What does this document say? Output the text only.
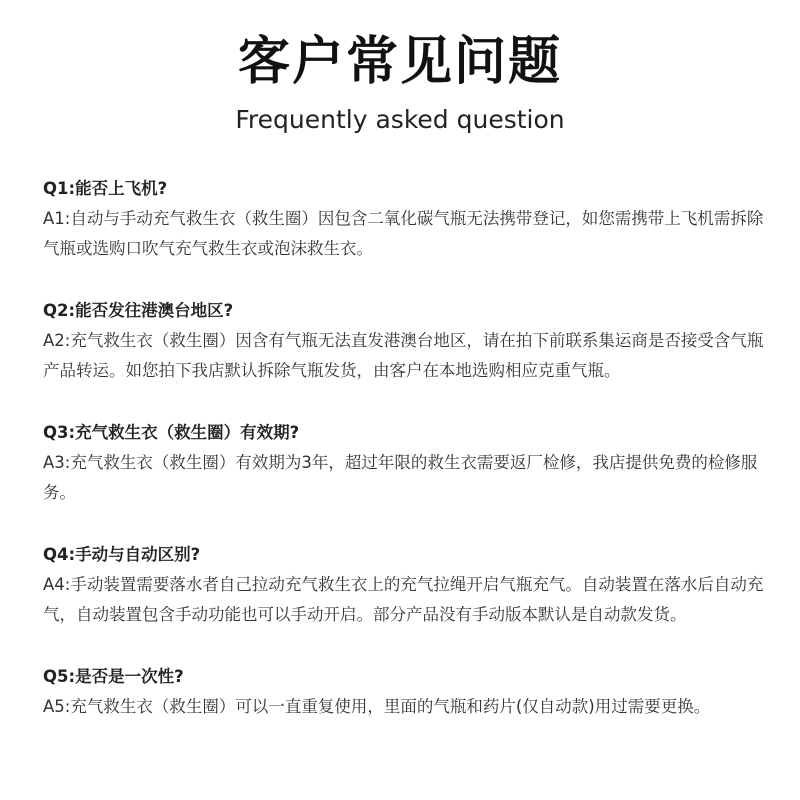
客户常见问题
Frequently asked question
Q1:能否上飞机?
A1:自动与手动充气救生衣（救生圈）因包含二氧化碳气瓶无法携带登记，如您需携带上飞机需拆除气瓶或选购口吹气充气救生衣或泡沫救生衣。
Q2:能否发往港澳台地区?
A2:充气救生衣（救生圈）因含有气瓶无法直发港澳台地区，请在拍下前联系集运商是否接受含气瓶产品转运。如您拍下我店默认拆除气瓶发货，由客户在本地选购相应克重气瓶。
Q3:充气救生衣（救生圈）有效期?
A3:充气救生衣（救生圈）有效期为3年，超过年限的救生衣需要返厂检修，我店提供免费的检修服务。
Q4:手动与自动区别?
A4:手动装置需要落水者自己拉动充气救生衣上的充气拉绳开启气瓶充气。自动装置在落水后自动充气，自动装置包含手动功能也可以手动开启。部分产品没有手动版本默认是自动款发货。
Q5:是否是一次性?
A5:充气救生衣（救生圈）可以一直重复使用，里面的气瓶和药片(仅自动款)用过需要更换。
